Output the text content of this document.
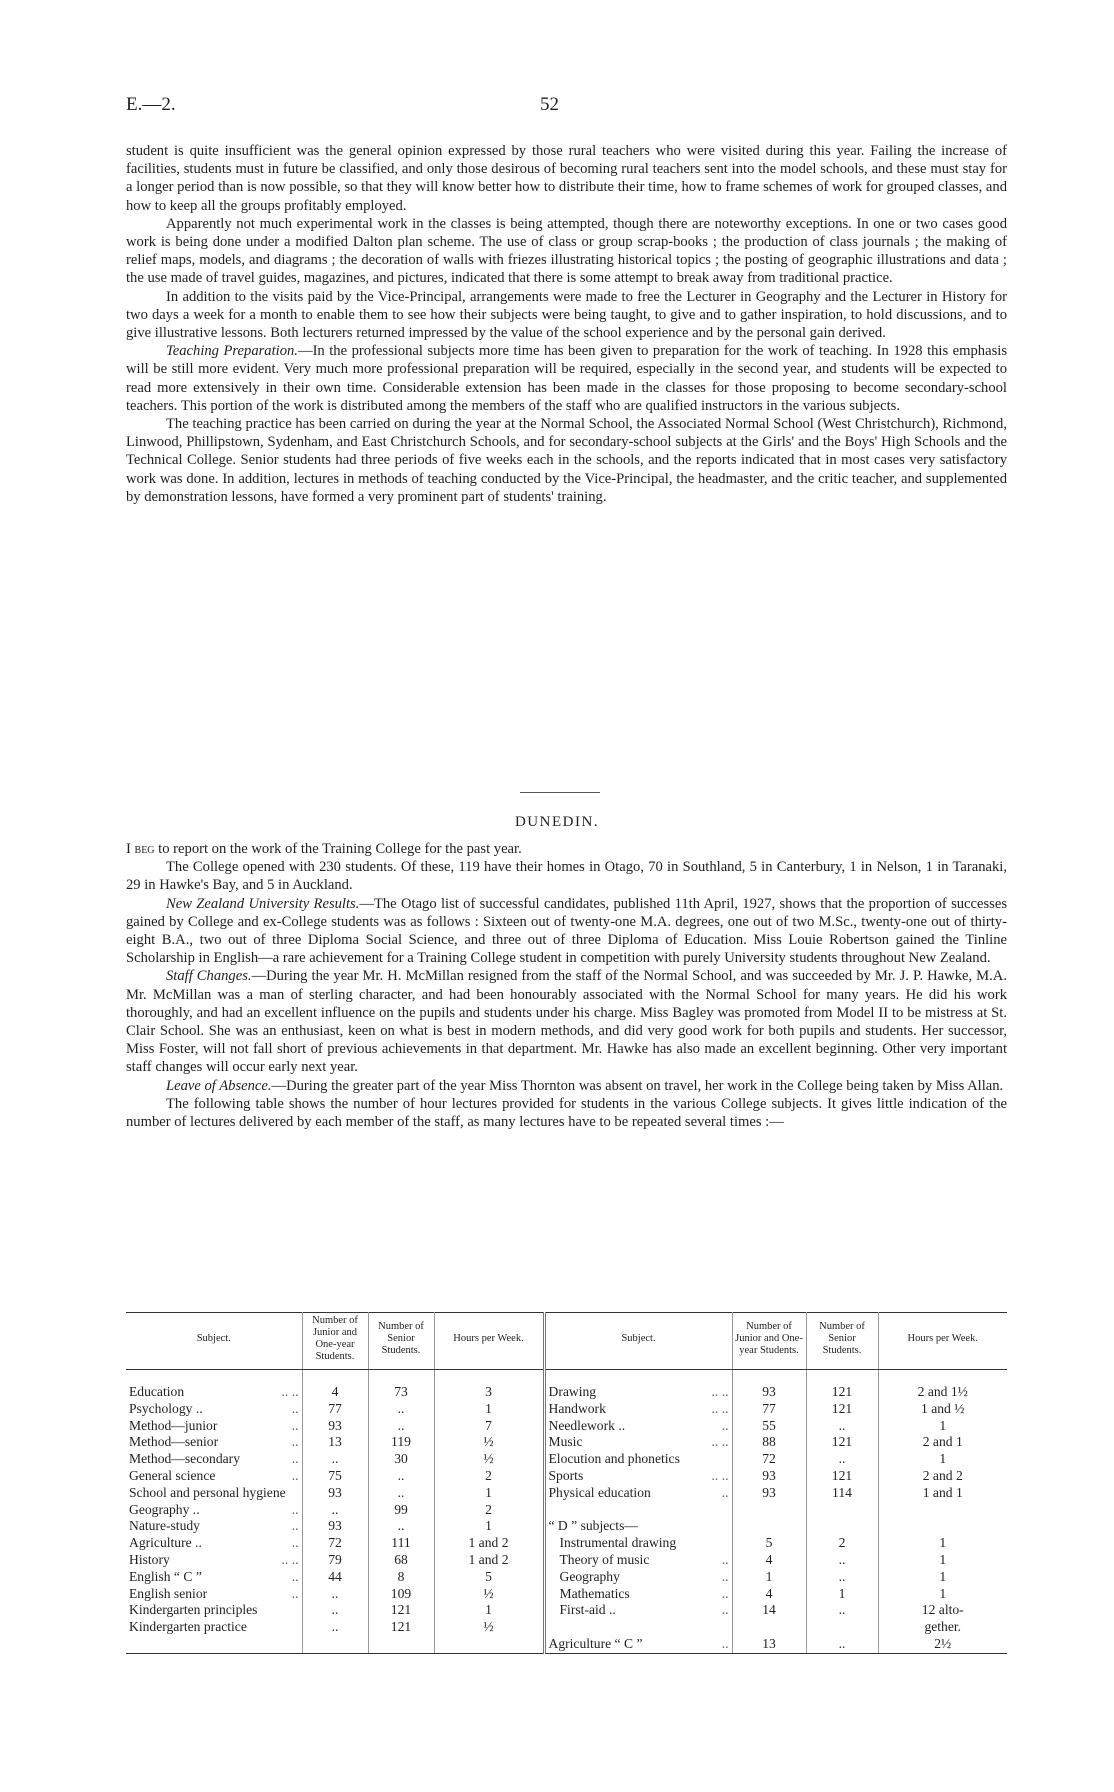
E.—2.	52

student is quite insufficient was the general opinion expressed by those rural teachers who were visited during this year. Failing the increase of facilities, students must in future be classified, and only those desirous of becoming rural teachers sent into the model schools, and these must stay for a longer period than is now possible, so that they will know better how to distribute their time, how to frame schemes of work for grouped classes, and how to keep all the groups profitably employed.

Apparently not much experimental work in the classes is being attempted, though there are noteworthy exceptions. In one or two cases good work is being done under a modified Dalton plan scheme. The use of class or group scrap-books ; the production of class journals ; the making of relief maps, models, and diagrams ; the decoration of walls with friezes illustrating historical topics ; the posting of geographic illustrations and data ; the use made of travel guides, magazines, and pictures, indicated that there is some attempt to break away from traditional practice.

In addition to the visits paid by the Vice-Principal, arrangements were made to free the Lecturer in Geography and the Lecturer in History for two days a week for a month to enable them to see how their subjects were being taught, to give and to gather inspiration, to hold discussions, and to give illustrative lessons. Both lecturers returned impressed by the value of the school experience and by the personal gain derived.

Teaching Preparation.—In the professional subjects more time has been given to preparation for the work of teaching. In 1928 this emphasis will be still more evident. Very much more professional preparation will be required, especially in the second year, and students will be expected to read more extensively in their own time. Considerable extension has been made in the classes for those proposing to become secondary-school teachers. This portion of the work is distributed among the members of the staff who are qualified instructors in the various subjects.

The teaching practice has been carried on during the year at the Normal School, the Associated Normal School (West Christchurch), Richmond, Linwood, Phillipstown, Sydenham, and East Christchurch Schools, and for secondary-school subjects at the Girls' and the Boys' High Schools and the Technical College. Senior students had three periods of five weeks each in the schools, and the reports indicated that in most cases very satisfactory work was done. In addition, lectures in methods of teaching conducted by the Vice-Principal, the headmaster, and the critic teacher, and supplemented by demonstration lessons, have formed a very prominent part of students' training.

DUNEDIN.

I beg to report on the work of the Training College for the past year.

The College opened with 230 students. Of these, 119 have their homes in Otago, 70 in Southland, 5 in Canterbury, 1 in Nelson, 1 in Taranaki, 29 in Hawke's Bay, and 5 in Auckland.

New Zealand University Results.—The Otago list of successful candidates, published 11th April, 1927, shows that the proportion of successes gained by College and ex-College students was as follows : Sixteen out of twenty-one M.A. degrees, one out of two M.Sc., twenty-one out of thirty-eight B.A., two out of three Diploma Social Science, and three out of three Diploma of Education. Miss Louie Robertson gained the Tinline Scholarship in English—a rare achievement for a Training College student in competition with purely University students throughout New Zealand.

Staff Changes.—During the year Mr. H. McMillan resigned from the staff of the Normal School, and was succeeded by Mr. J. P. Hawke, M.A. Mr. McMillan was a man of sterling character, and had been honourably associated with the Normal School for many years. He did his work thoroughly, and had an excellent influence on the pupils and students under his charge. Miss Bagley was promoted from Model II to be mistress at St. Clair School. She was an enthusiast, keen on what is best in modern methods, and did very good work for both pupils and students. Her successor, Miss Foster, will not fall short of previous achievements in that department. Mr. Hawke has also made an excellent beginning. Other very important staff changes will occur early next year.

Leave of Absence.—During the greater part of the year Miss Thornton was absent on travel, her work in the College being taken by Miss Allan.

The following table shows the number of hour lectures provided for students in the various College subjects. It gives little indication of the number of lectures delivered by each member of the staff, as many lectures have to be repeated several times :—

Subject.	Number of Junior and One-year Students.	Number of Senior Students.	Hours per Week.	Subject.	Number of Junior and One-year Students.	Number of Senior Students.	Hours per Week.

Education .. ..	4	73	3	Drawing .. ..	93	121	2 and 1½
Psychology .. ..	77	..	1	Handwork .. ..	77	121	1 and ½
Method—junior ..	93	..	7	Needlework .. ..	55	..	1
Method—senior ..	13	119	½	Music .. ..	88	121	2 and 1
Method—secondary ..	..	30	½	Elocution and phonetics	72	..	1
General science ..	75	..	2	Sports .. ..	93	121	2 and 2
School and personal hygiene	93	..	1	Physical education ..	93	114	1 and 1
Geography .. ..	..	99	2	

Nature-study ..	93	..	1	“ D ” subjects—

Agriculture .. ..	72	111	1 and 2	Instrumental drawing	5	2	1
History .. ..	79	68	1 and 2	Theory of music ..	4	..	1
English “ C ” ..	44	8	5	Geography ..	1	..	1
English senior ..	..	109	½	Mathematics ..	4	1	1
Kindergarten principles	..	121	1	First-aid .. ..	14	..	12 alto-
Kindergarten practice	..	121	½				gether.
				Agriculture “ C ” ..	13	..	2½
